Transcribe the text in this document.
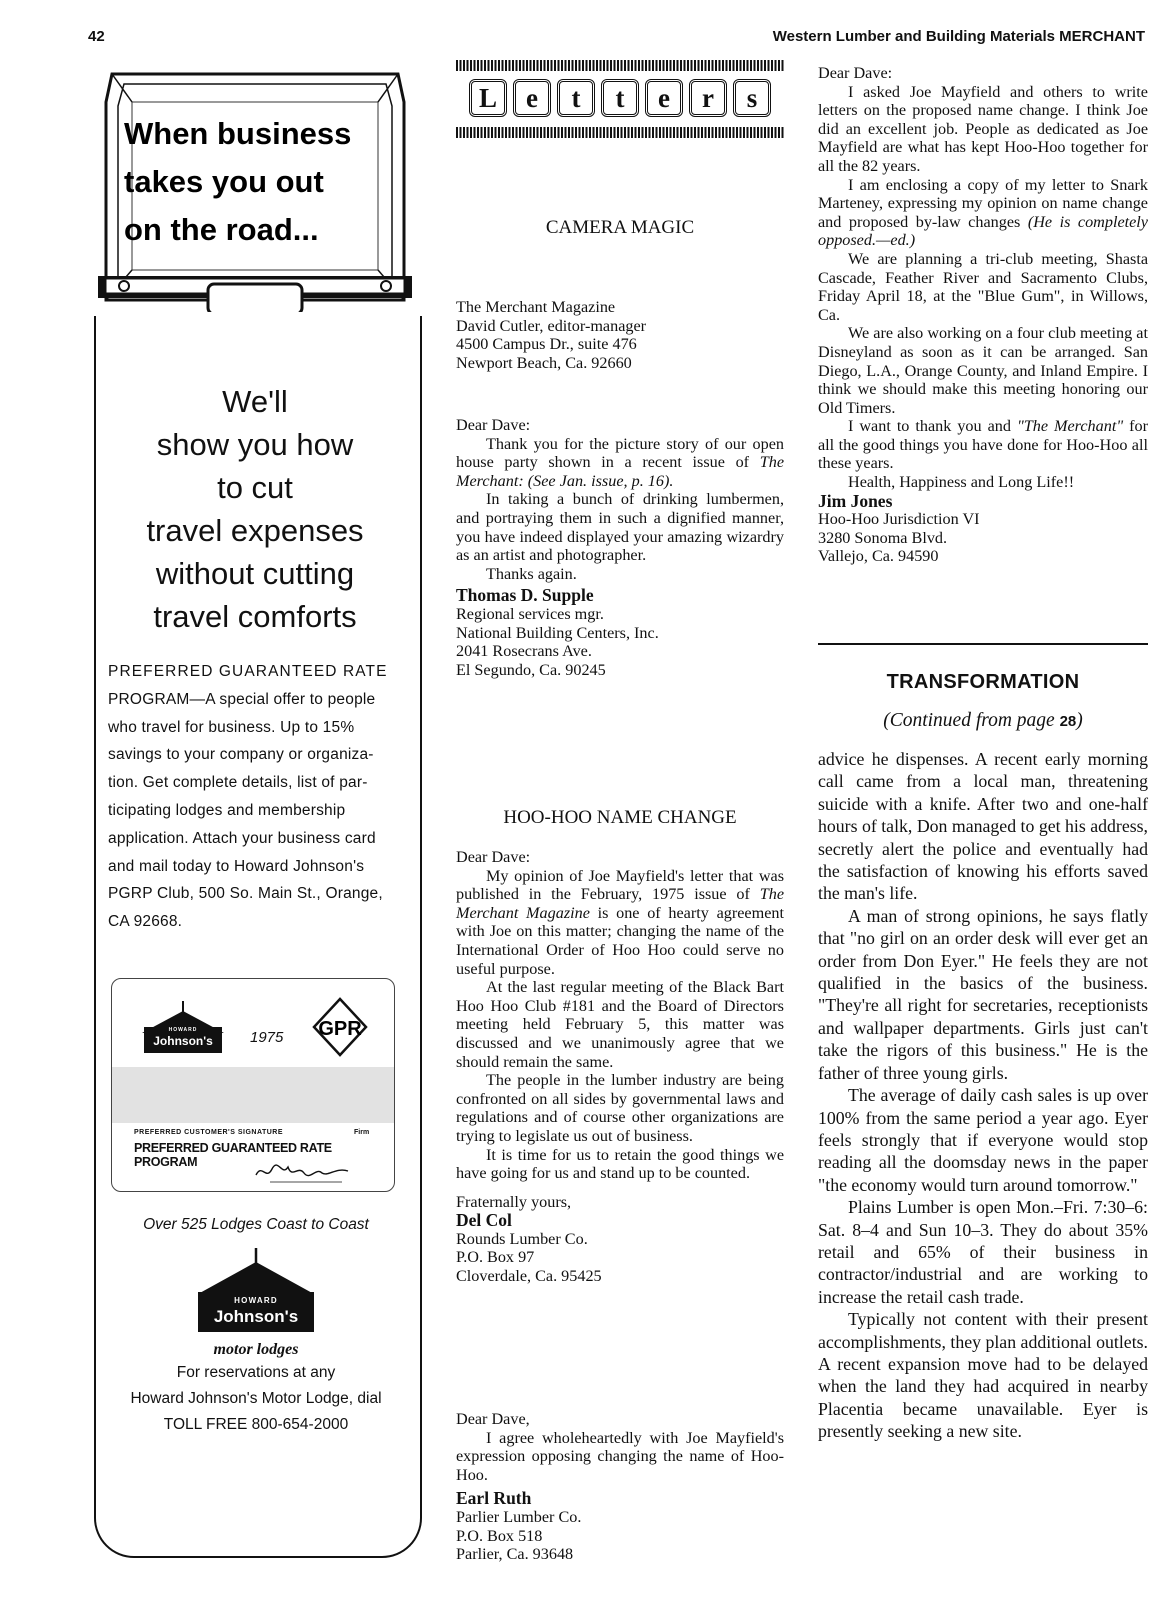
42	Western Lumber and Building Materials MERCHANT
When business
takes you out
on the road...
We'll
show you how
to cut
travel expenses
without cutting
travel comforts
PREFERRED GUARANTEED RATE
PROGRAM—A special offer to people
who travel for business. Up to 15%
savings to your company or organiza-
tion. Get complete details, list of par-
ticipating lodges and membership
application. Attach your business card
and mail today to Howard Johnson's
PGRP Club, 500 So. Main St., Orange,
CA 92668.
HOWARD
Johnson's	1975 GPR
PREFERRED CUSTOMER'S SIGNATURE	Firm
PREFERRED GUARANTEED RATE PROGRAM
Over 525 Lodges Coast to Coast
HOWARD
Johnson's
motor lodges
For reservations at any
Howard Johnson's Motor Lodge, dial
TOLL FREE 800-654-2000
L	e	t	t	e	r	s
CAMERA MAGIC
The Merchant Magazine
David Cutler, editor-manager
4500 Campus Dr., suite 476
Newport Beach, Ca. 92660

Dear Dave:

Thank you for the picture story of our open house party shown in a recent issue of The Merchant: (See Jan. issue, p. 16).

In taking a bunch of drinking lumbermen, and portraying them in such a dignified manner, you have indeed displayed your amazing wizardry as an artist and photographer.

Thanks again.

Thomas D. Supple

Regional services mgr.

National Building Centers, Inc.

2041 Rosecrans Ave.

El Segundo, Ca. 90245

HOO-HOO NAME CHANGE

Dear Dave:

My opinion of Joe Mayfield's letter that was published in the February, 1975 issue of The Merchant Magazine is one of hearty agreement with Joe on this matter; changing the name of the International Order of Hoo Hoo could serve no useful purpose.

At the last regular meeting of the Black Bart Hoo Hoo Club #181 and the Board of Directors meeting held February 5, this matter was discussed and we unanimously agree that we should remain the same.

The people in the lumber industry are being confronted on all sides by governmental laws and regulations and of course other organizations are trying to legislate us out of business.

It is time for us to retain the good things we have going for us and stand up to be counted.

Fraternally yours,

Del Col

Rounds Lumber Co.

P.O. Box 97

Cloverdale, Ca. 95425

Dear Dave,

I agree wholeheartedly with Joe Mayfield's expression opposing changing the name of Hoo-Hoo.

Earl Ruth

Parlier Lumber Co.

P.O. Box 518

Parlier, Ca. 93648

Dear Dave:

I asked Joe Mayfield and others to write letters on the proposed name change. I think Joe did an excellent job. People as dedicated as Joe Mayfield are what has kept Hoo-Hoo together for all the 82 years.

I am enclosing a copy of my letter to Snark Marteney, expressing my opinion on name change and proposed by-law changes (He is completely opposed.—ed.)

We are planning a tri-club meeting, Shasta Cascade, Feather River and Sacramento Clubs, Friday April 18, at the "Blue Gum", in Willows, Ca.

We are also working on a four club meeting at Disneyland as soon as it can be arranged. San Diego, L.A., Orange County, and Inland Empire. I think we should make this meeting honoring our Old Timers.

I want to thank you and "The Merchant" for all the good things you have done for Hoo-Hoo all these years.

Health, Happiness and Long Life!!

Jim Jones

Hoo-Hoo Jurisdiction VI

3280 Sonoma Blvd.

Vallejo, Ca. 94590

TRANSFORMATION
(Continued from page 28)

advice he dispenses. A recent early morning call came from a local man, threatening suicide with a knife. After two and one-half hours of talk, Don managed to get his address, secretly alert the police and eventually had the satisfaction of knowing his efforts saved the man's life.

A man of strong opinions, he says flatly that "no girl on an order desk will ever get an order from Don Eyer." He feels they are not qualified in the basics of the business. "They're all right for secretaries, receptionists and wallpaper departments. Girls just can't take the rigors of this business." He is the father of three young girls.

The average of daily cash sales is up over 100% from the same period a year ago. Eyer feels strongly that if everyone would stop reading all the doomsday news in the paper "the economy would turn around tomorrow."

Plains Lumber is open Mon.–Fri. 7:30–6: Sat. 8–4 and Sun 10–3. They do about 35% retail and 65% of their business in contractor/industrial and are working to increase the retail cash trade.

Typically not content with their present accomplishments, they plan additional outlets. A recent expansion move had to be delayed when the land they had acquired in nearby Placentia became unavailable. Eyer is presently seeking a new site.
